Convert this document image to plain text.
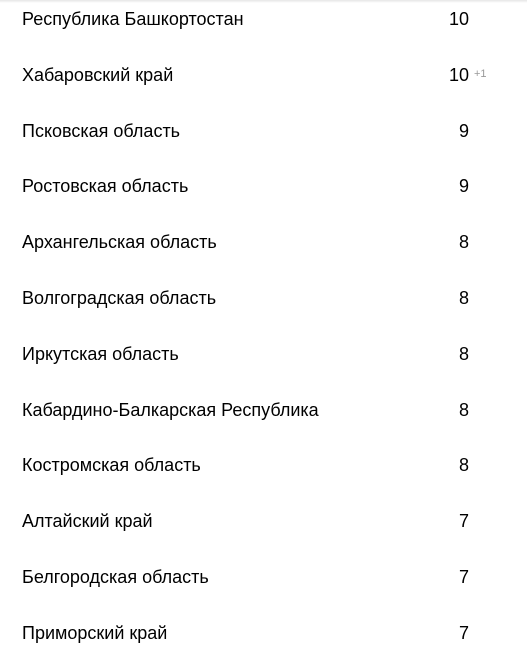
Республика Башкортостан	10
Хабаровский край	10 +1
Псковская область	9
Ростовская область	9
Архангельская область	8
Волгоградская область	8
Иркутская область	8
Кабардино-Балкарская Республика	8
Костромская область	8
Алтайский край	7
Белгородская область	7
Приморский край	7
